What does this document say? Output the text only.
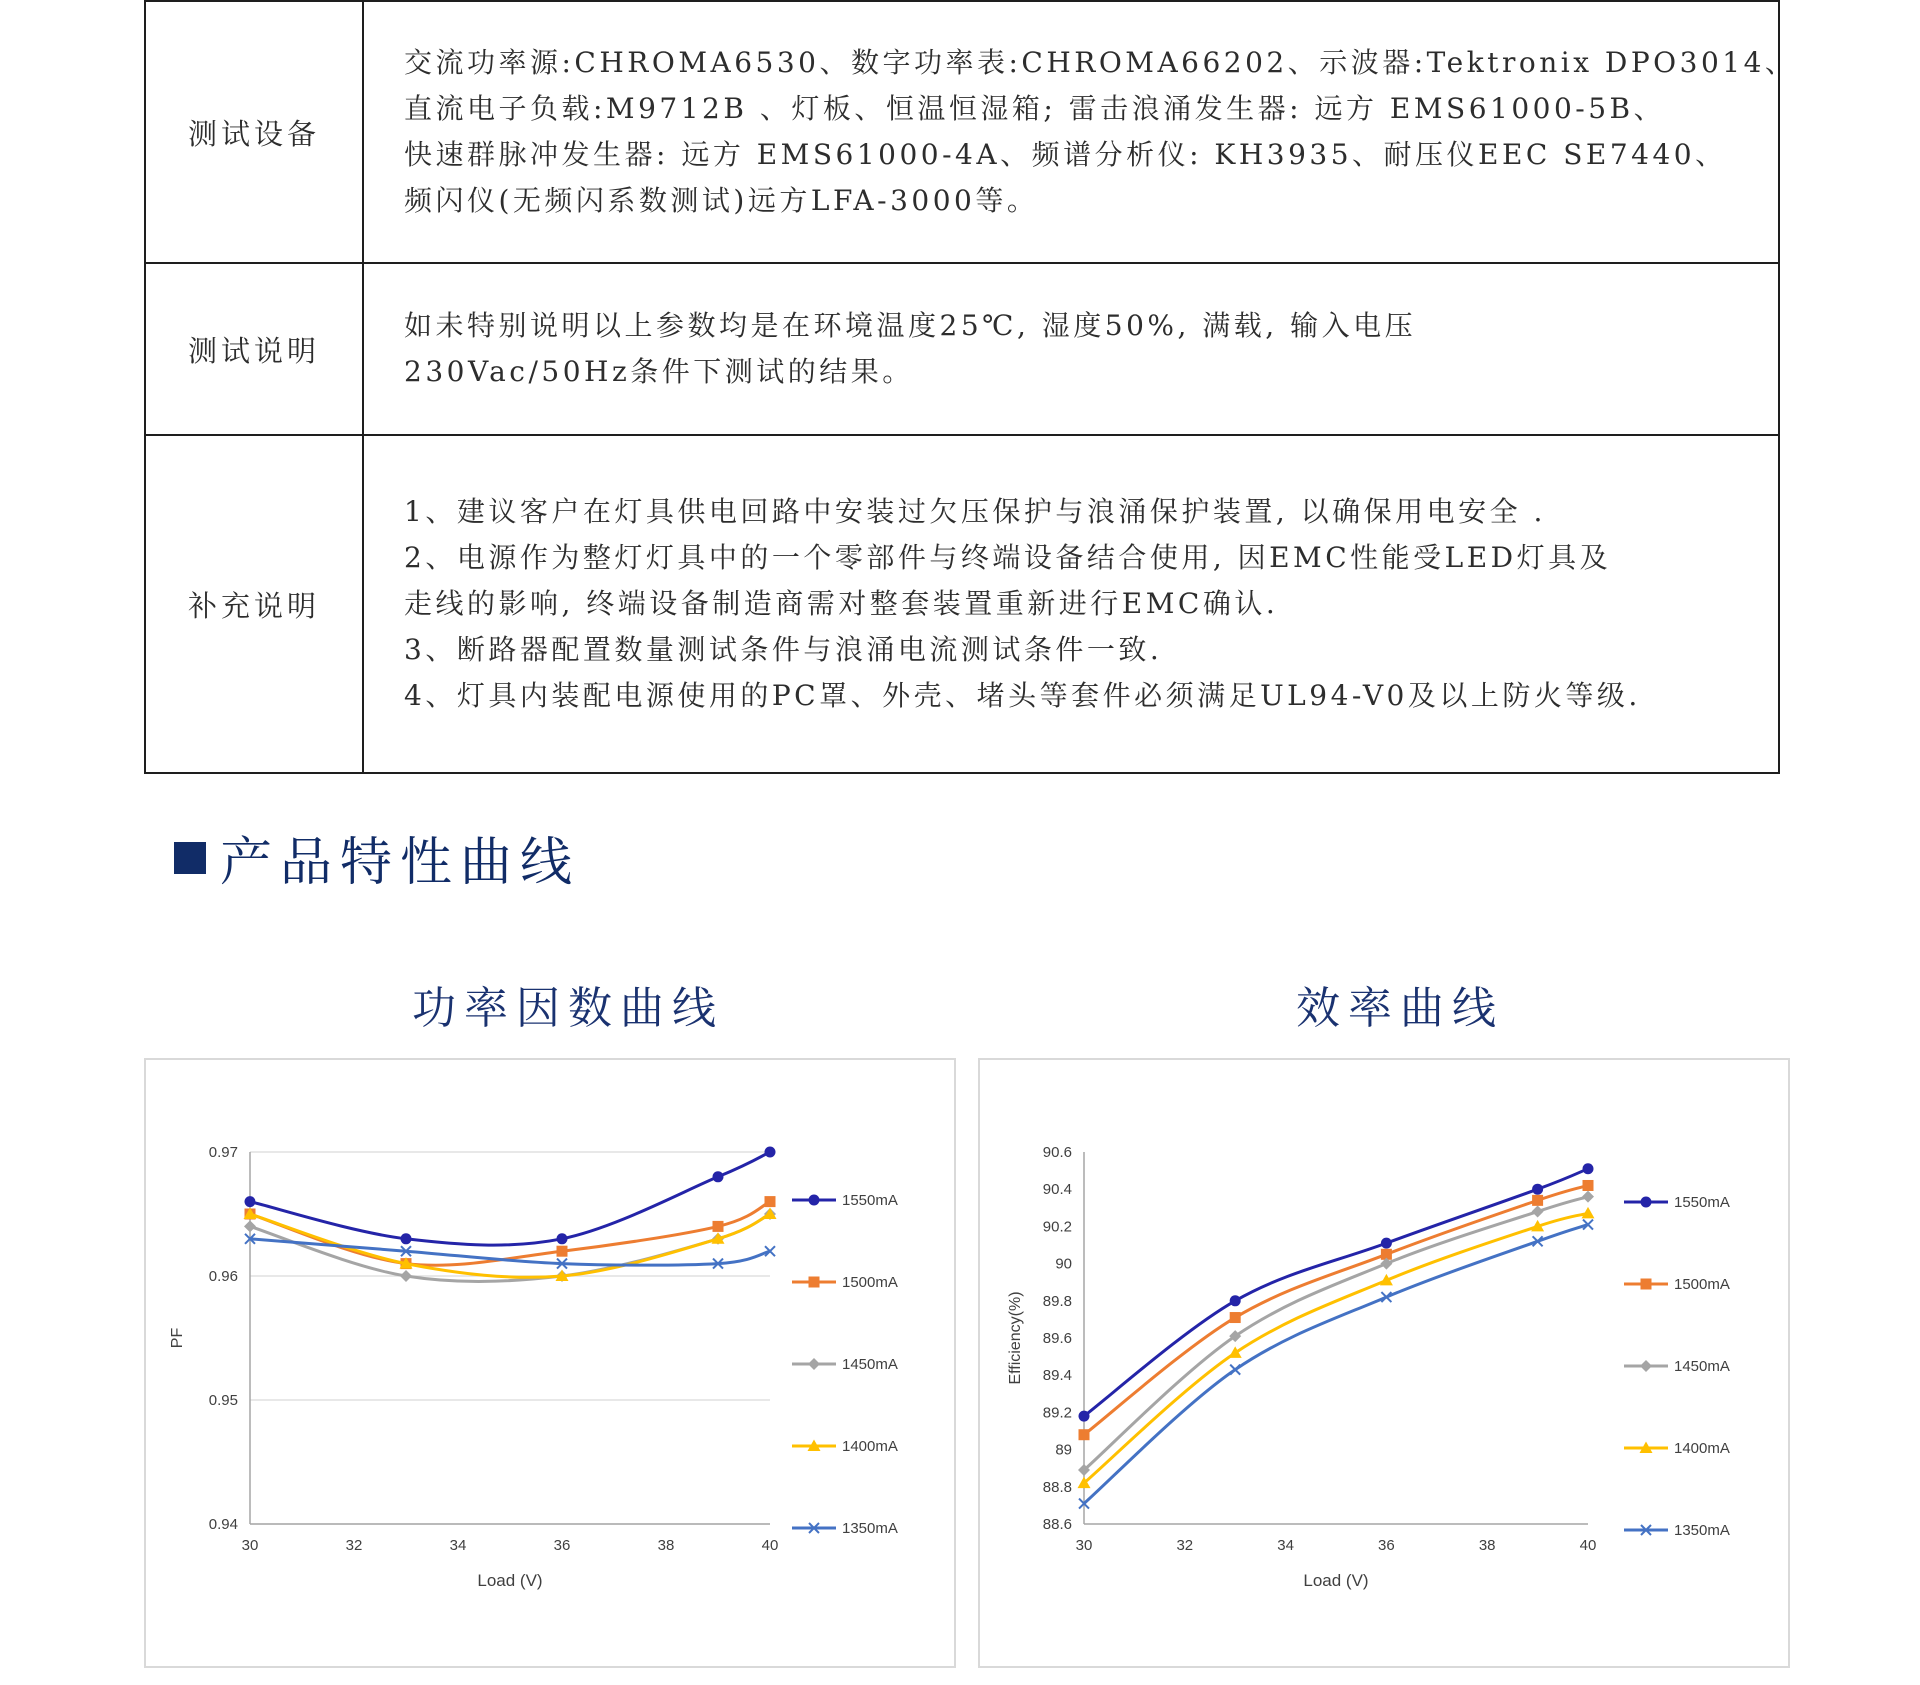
测试设备	交流功率源:CHROMA6530、数字功率表:CHROMA66202、示波器:Tektronix DPO3014、
直流电子负载:M9712B 、灯板、恒温恒湿箱; 雷击浪涌发生器: 远方 EMS61000-5B、
快速群脉冲发生器: 远方 EMS61000-4A、频谱分析仪: KH3935、耐压仪EEC SE7440、
频闪仪(无频闪系数测试)远方LFA-3000等。

测试说明	如未特别说明以上参数均是在环境温度25℃, 湿度50%, 满载, 输入电压
230Vac/50Hz条件下测试的结果。

补充说明	1、建议客户在灯具供电回路中安装过欠压保护与浪涌保护装置, 以确保用电安全 .
2、电源作为整灯灯具中的一个零部件与终端设备结合使用, 因EMC性能受LED灯具及
走线的影响, 终端设备制造商需对整套装置重新进行EMC确认.
3、断路器配置数量测试条件与浪涌电流测试条件一致.
4、灯具内装配电源使用的PC罩、外壳、堵头等套件必须满足UL94-V0及以上防火等级.
产品特性曲线
功率因数曲线	效率曲线
0.94
0.95
0.96
0.97
30	32	34	36	38	40
Load (V)
PF
1550mA
1500mA
1450mA
1400mA
1350mA	88.6
88.8
89
89.2
89.4
89.6
89.8
90
90.2
90.4
90.6
30	32	34	36	38	40
Load (V)
Efficiency(%)
1550mA
1500mA
1450mA
1400mA
1350mA
